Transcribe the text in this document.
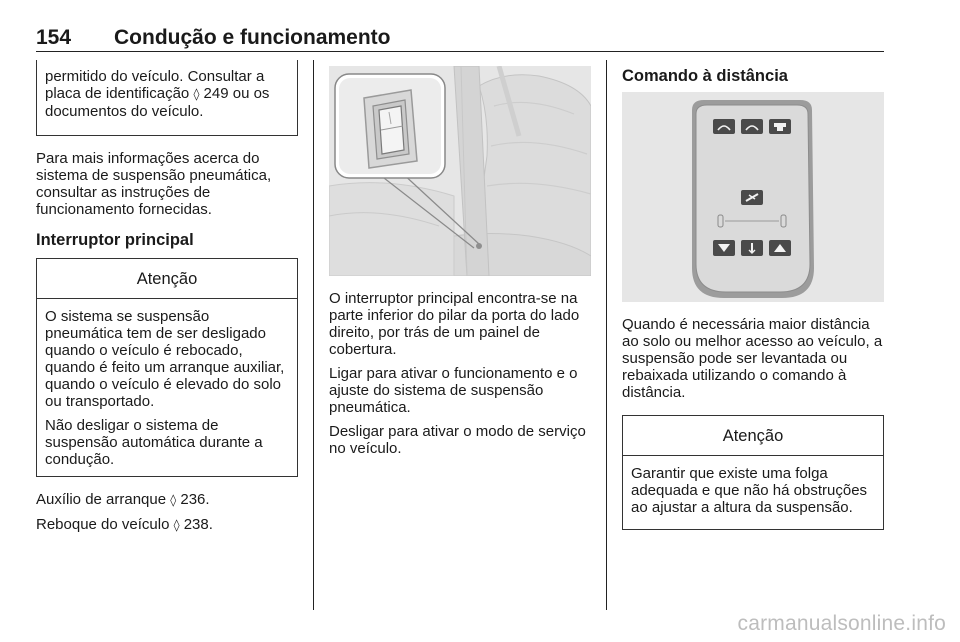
154 Condução e funcionamento
permitido do veículo. Consultar a placa de identificação ◊ 249 ou os documentos do veículo.
Para mais informações acerca do sistema de suspensão pneumática, consultar as instruções de funcionamento fornecidas.
Interruptor principal
Atenção

O sistema se suspensão pneumática tem de ser desligado quando o veículo é rebocado, quando é feito um arranque auxiliar, quando o veículo é elevado do solo ou transportado.

Não desligar o sistema de suspensão automática durante a condução.

Auxílio de arranque ◊ 236.
Reboque do veículo ◊ 238.
O interruptor principal encontra-se na parte inferior do pilar da porta do lado direito, por trás de um painel de cobertura.
Ligar para ativar o funcionamento e o ajuste do sistema de suspensão pneumática.
Desligar para ativar o modo de serviço no veículo.
Comando à distância
Quando é necessária maior distância ao solo ou melhor acesso ao veículo, a suspensão pode ser levantada ou rebaixada utilizando o comando à distância.
Atenção

Garantir que existe uma folga adequada e que não há obstruções ao ajustar a altura da suspensão.

carmanualsonline.info
